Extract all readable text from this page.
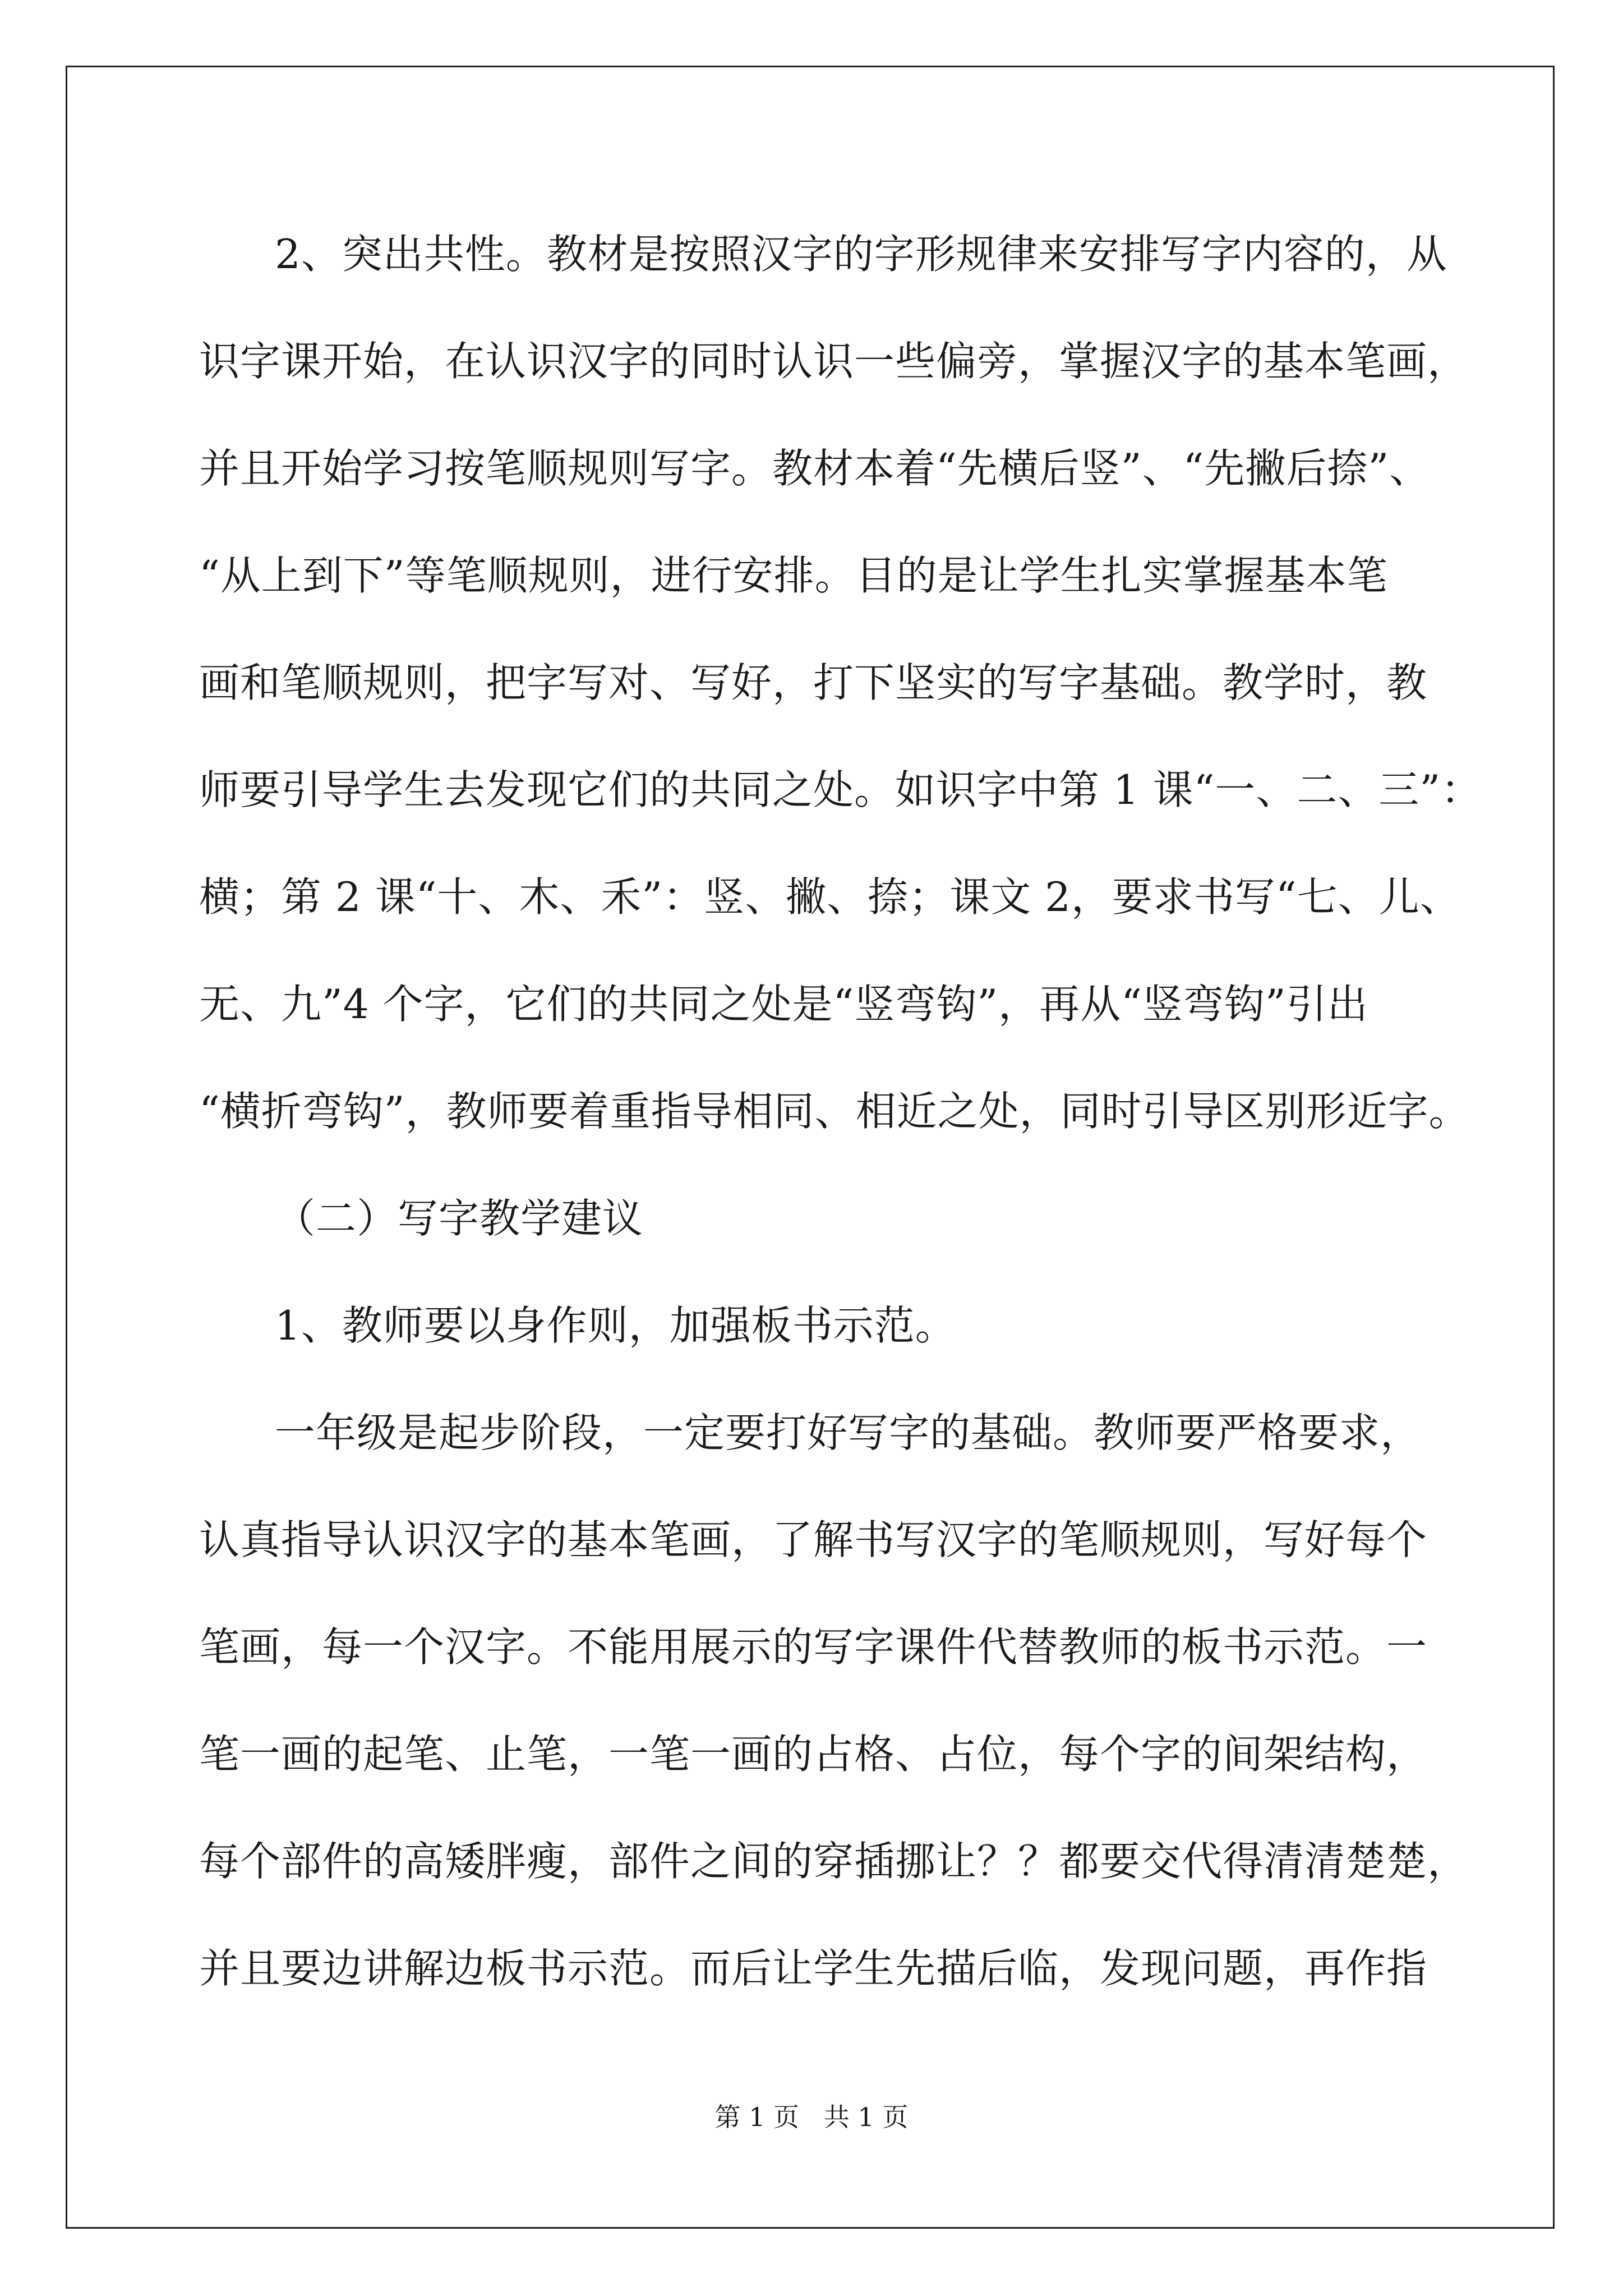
2、突出共性。教材是按照汉字的字形规律来安排写字内容的，从
识字课开始，在认识汉字的同时认识一些偏旁，掌握汉字的基本笔画，
并且开始学习按笔顺规则写字。教材本着“先横后竖”、“先撇后捺”、
“从上到下”等笔顺规则，进行安排。目的是让学生扎实掌握基本笔
画和笔顺规则，把字写对、写好，打下坚实的写字基础。教学时，教
师要引导学生去发现它们的共同之处。如识字中第 1 课“一、二、三”：
横；第 2 课“十、木、禾”：竖、撇、捺；课文 2，要求书写“七、儿、
无、九”4 个字，它们的共同之处是“竖弯钩”，再从“竖弯钩”引出
“横折弯钩”，教师要着重指导相同、相近之处，同时引导区别形近字。
（二）写字教学建议
1、教师要以身作则，加强板书示范。
一年级是起步阶段，一定要打好写字的基础。教师要严格要求，
认真指导认识汉字的基本笔画，了解书写汉字的笔顺规则，写好每个
笔画，每一个汉字。不能用展示的写字课件代替教师的板书示范。一
笔一画的起笔、止笔，一笔一画的占格、占位，每个字的间架结构，
每个部件的高矮胖瘦，部件之间的穿插挪让？？都要交代得清清楚楚，
并且要边讲解边板书示范。而后让学生先描后临，发现问题，再作指
第 1 页   共 1 页
